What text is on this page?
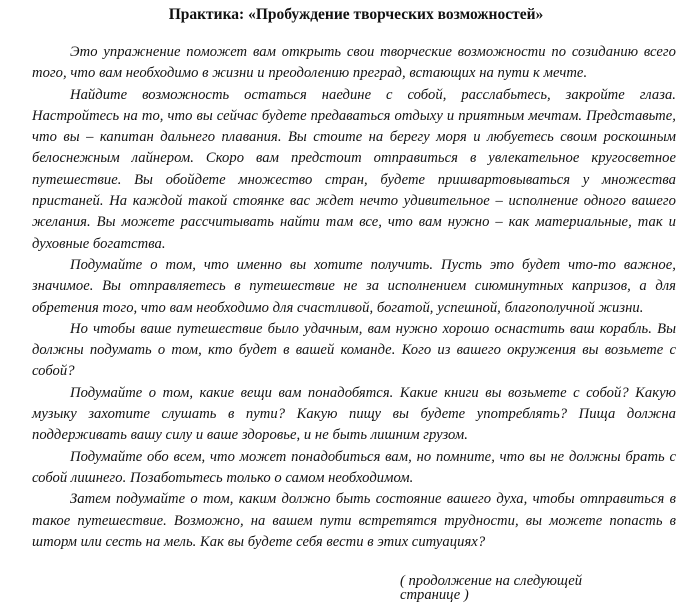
Практика: «Пробуждение творческих возможностей»

Это упражнение поможет вам открыть свои творческие возможности по созиданию всего того, что вам необходимо в жизни и преодолению преград, встающих на пути к мечте.

Найдите возможность остаться наедине с собой, расслабьтесь, закройте глаза. Настройтесь на то, что вы сейчас будете предаваться отдыху и приятным мечтам. Представьте, что вы – капитан дальнего плавания. Вы стоите на берегу моря и любуетесь своим роскошным белоснежным лайнером. Скоро вам предстоит отправиться в увлекательное кругосветное путешествие. Вы обойдете множество стран, будете пришвартовываться у множества пристаней. На каждой такой стоянке вас ждет нечто удивительное – исполнение одного вашего желания. Вы можете рассчитывать найти там все, что вам нужно – как материальные, так и духовные богатства.

Подумайте о том, что именно вы хотите получить. Пусть это будет что-то важное, значимое. Вы отправляетесь в путешествие не за исполнением сиюминутных капризов, а для обретения того, что вам необходимо для счастливой, богатой, успешной, благополучной жизни.

Но чтобы ваше путешествие было удачным, вам нужно хорошо оснастить ваш корабль. Вы должны подумать о том, кто будет в вашей команде. Кого из вашего окружения вы возьмете с собой?

Подумайте о том, какие вещи вам понадобятся. Какие книги вы возьмете с собой? Какую музыку захотите слушать в пути? Какую пищу вы будете употреблять? Пища должна поддерживать вашу силу и ваше здоровье, и не быть лишним грузом.

Подумайте обо всем, что может понадобиться вам, но помните, что вы не должны брать с собой лишнего. Позаботьтесь только о самом необходимом.

Затем подумайте о том, каким должно быть состояние вашего духа, чтобы отправиться в такое путешествие. Возможно, на вашем пути встретятся трудности, вы можете попасть в шторм или сесть на мель. Как вы будете себя вести в этих ситуациях?

( продолжение на следующей странице )
